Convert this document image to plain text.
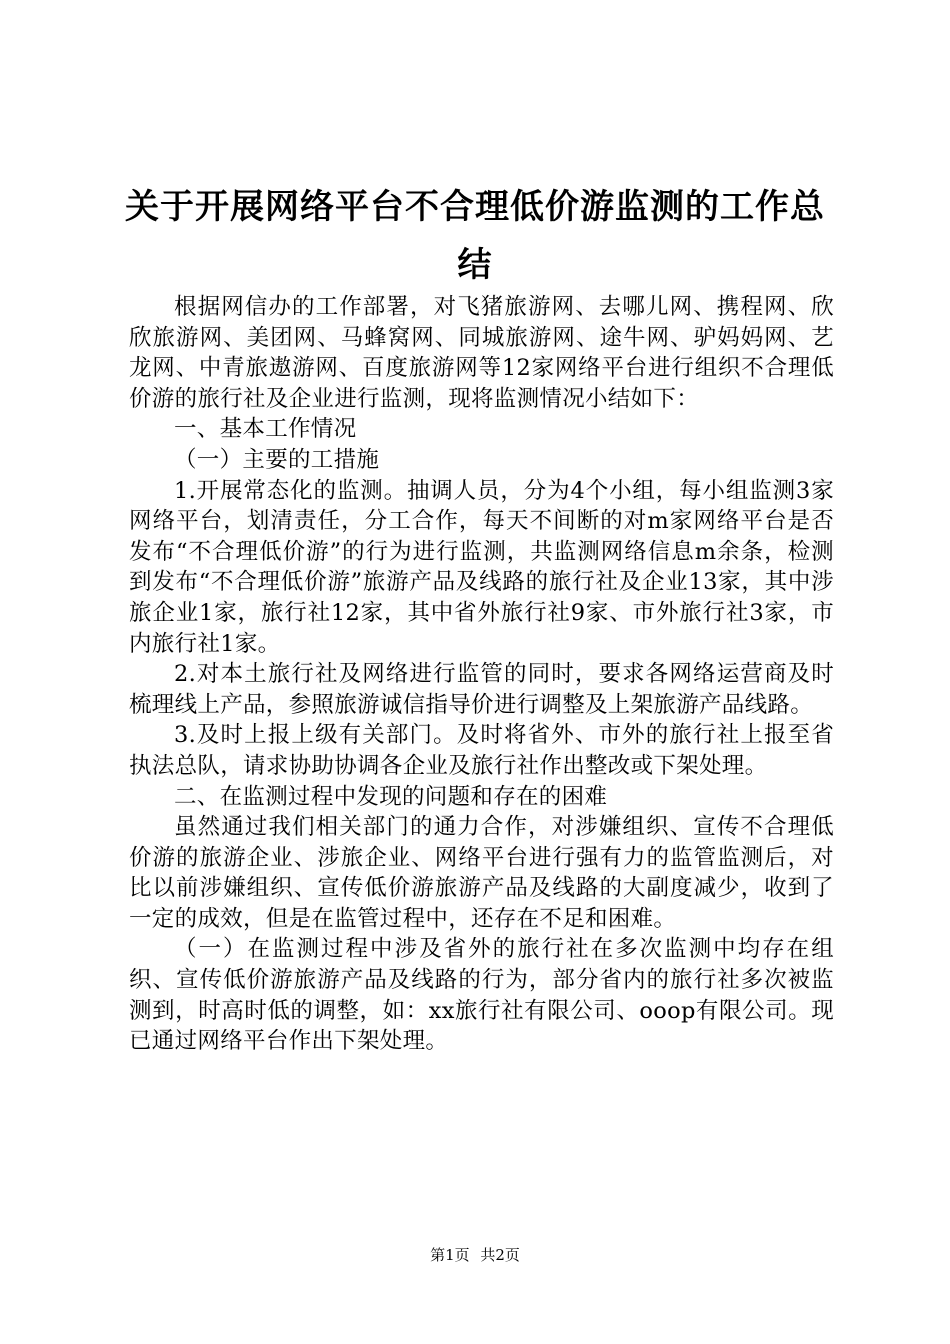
关于开展网络平台不合理低价游监测的工作总结

根据网信办的工作部署，对飞猪旅游网、去哪儿网、携程网、欣欣旅游网、美团网、马蜂窝网、同城旅游网、途牛网、驴妈妈网、艺龙网、中青旅遨游网、百度旅游网等12家网络平台进行组织不合理低价游的旅行社及企业进行监测，现将监测情况小结如下：

一、基本工作情况

（一）主要的工措施

1.开展常态化的监测。抽调人员，分为4个小组，每小组监测3家网络平台，划清责任，分工合作，每天不间断的对m家网络平台是否发布“不合理低价游”的行为进行监测，共监测网络信息m余条，检测到发布“不合理低价游”旅游产品及线路的旅行社及企业13家，其中涉旅企业1家，旅行社12家，其中省外旅行社9家、市外旅行社3家，市内旅行社1家。

2.对本土旅行社及网络进行监管的同时，要求各网络运营商及时梳理线上产品，参照旅游诚信指导价进行调整及上架旅游产品线路。

3.及时上报上级有关部门。及时将省外、市外的旅行社上报至省执法总队，请求协助协调各企业及旅行社作出整改或下架处理。

二、在监测过程中发现的问题和存在的困难

虽然通过我们相关部门的通力合作，对涉嫌组织、宣传不合理低价游的旅游企业、涉旅企业、网络平台进行强有力的监管监测后，对比以前涉嫌组织、宣传低价游旅游产品及线路的大副度减少，收到了一定的成效，但是在监管过程中，还存在不足和困难。

（一）在监测过程中涉及省外的旅行社在多次监测中均存在组织、宣传低价游旅游产品及线路的行为，部分省内的旅行社多次被监测到，时高时低的调整，如：xx旅行社有限公司、ooop有限公司。现已通过网络平台作出下架处理。

第1页 共2页
